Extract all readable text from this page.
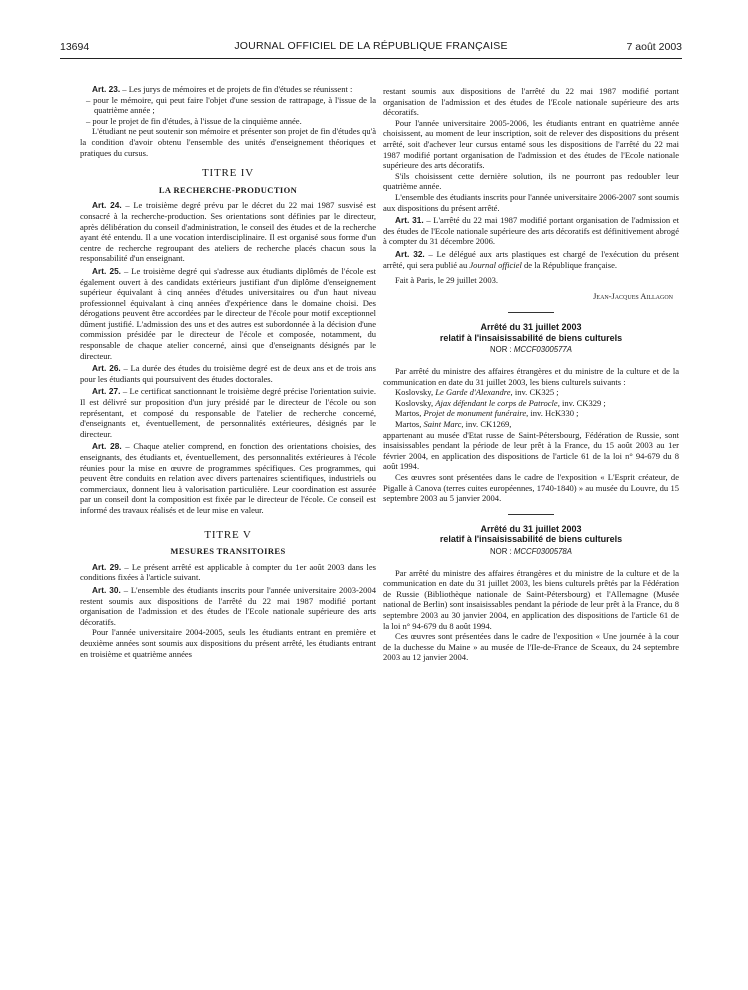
13694	JOURNAL OFFICIEL DE LA RÉPUBLIQUE FRANÇAISE	7 août 2003

Art. 23. – Les jurys de mémoires et de projets de fin d'études se réunissent :

– pour le mémoire, qui peut faire l'objet d'une session de rattrapage, à l'issue de la quatrième année ;

– pour le projet de fin d'études, à l'issue de la cinquième année.

L'étudiant ne peut soutenir son mémoire et présenter son projet de fin d'études qu'à la condition d'avoir obtenu l'ensemble des unités d'enseignement théoriques et pratiques du cursus.

TITRE IV
LA RECHERCHE-PRODUCTION

Art. 24. – Le troisième degré prévu par le décret du 22 mai 1987 susvisé est consacré à la recherche-production. Ses orientations sont définies par le directeur, après délibération du conseil d'administration, le conseil des études et de la recherche ayant été entendu. Il a une vocation interdisciplinaire. Il est organisé sous forme d'un centre de recherche regroupant des ateliers de recherche placés chacun sous la responsabilité d'un enseignant.

Art. 25. – Le troisième degré qui s'adresse aux étudiants diplômés de l'école est également ouvert à des candidats extérieurs justifiant d'un diplôme d'enseignement supérieur équivalant à cinq années d'études universitaires ou d'un haut niveau professionnel équivalant à cinq années d'expérience dans le domaine choisi. Des dérogations peuvent être accordées par le directeur de l'école pour motif exceptionnel dûment justifié. L'admission des uns et des autres est subordonnée à la décision d'une commission présidée par le directeur de l'école et composée, notamment, du responsable de chaque atelier concerné, ainsi que d'enseignants désignés par le directeur.

Art. 26. – La durée des études du troisième degré est de deux ans et de trois ans pour les étudiants qui poursuivent des études doctorales.

Art. 27. – Le certificat sanctionnant le troisième degré précise l'orientation suivie. Il est délivré sur proposition d'un jury présidé par le directeur de l'école ou son représentant, et composé du responsable de l'atelier de recherche concerné, d'enseignants et, éventuellement, de personnalités extérieures, désignés par le directeur.

Art. 28. – Chaque atelier comprend, en fonction des orientations choisies, des enseignants, des étudiants et, éventuellement, des personnalités extérieures à l'école réunies pour la mise en œuvre de programmes spécifiques. Ces programmes, qui peuvent être conduits en relation avec divers partenaires scientifiques, industriels ou commerciaux, donnent lieu à valorisation particulière. Leur coordination est assurée par un conseil dont la composition est fixée par le directeur de l'école. Ce conseil est informé des travaux réalisés et de leur mise en valeur.

TITRE V
MESURES TRANSITOIRES

Art. 29. – Le présent arrêté est applicable à compter du 1er août 2003 dans les conditions fixées à l'article suivant.

Art. 30. – L'ensemble des étudiants inscrits pour l'année universitaire 2003-2004 restent soumis aux dispositions de l'arrêté du 22 mai 1987 modifié portant organisation de l'admission et des études de l'Ecole nationale supérieure des arts décoratifs.

Pour l'année universitaire 2004-2005, seuls les étudiants entrant en première et deuxième années sont soumis aux dispositions du présent arrêté, les étudiants entrant en troisième et quatrième années

restant soumis aux dispositions de l'arrêté du 22 mai 1987 modifié portant organisation de l'admission et des études de l'Ecole nationale supérieure des arts décoratifs.

Pour l'année universitaire 2005-2006, les étudiants entrant en quatrième année choisissent, au moment de leur inscription, soit de relever des dispositions du présent arrêté, soit d'achever leur cursus entamé sous les dispositions de l'arrêté du 22 mai 1987 modifié portant organisation de l'admission et des études de l'Ecole nationale supérieure des arts décoratifs.

S'ils choisissent cette dernière solution, ils ne pourront pas redoubler leur quatrième année.

L'ensemble des étudiants inscrits pour l'année universitaire 2006-2007 sont soumis aux dispositions du présent arrêté.

Art. 31. – L'arrêté du 22 mai 1987 modifié portant organisation de l'admission et des études de l'Ecole nationale supérieure des arts décoratifs est définitivement abrogé à compter du 31 décembre 2006.

Art. 32. – Le délégué aux arts plastiques est chargé de l'exécution du présent arrêté, qui sera publié au Journal officiel de la République française.

Fait à Paris, le 29 juillet 2003.

Jean-Jacques Aillagon
Arrêté du 31 juillet 2003
relatif à l'insaisissabilité de biens culturels
NOR : MCCF0300577A

Par arrêté du ministre des affaires étrangères et du ministre de la culture et de la communication en date du 31 juillet 2003, les biens culturels suivants :

Koslovsky, Le Garde d'Alexandre, inv. CK325 ;

Koslovsky, Ajax défendant le corps de Patrocle, inv. CK329 ;

Martos, Projet de monument funéraire, inv. HcK330 ;

Martos, Saint Marc, inv. CK1269,

appartenant au musée d'Etat russe de Saint-Pétersbourg, Fédération de Russie, sont insaisissables pendant la période de leur prêt à la France, du 15 août 2003 au 1er février 2004, en application des dispositions de l'article 61 de la loi n° 94-679 du 8 août 1994.

Ces œuvres sont présentées dans le cadre de l'exposition « L'Esprit créateur, de Pigalle à Canova (terres cuites européennes, 1740-1840) » au musée du Louvre, du 15 septembre 2003 au 5 janvier 2004.

Arrêté du 31 juillet 2003
relatif à l'insaisissabilité de biens culturels
NOR : MCCF0300578A

Par arrêté du ministre des affaires étrangères et du ministre de la culture et de la communication en date du 31 juillet 2003, les biens culturels prêtés par la Fédération de Russie (Bibliothèque nationale de Saint-Pétersbourg) et l'Allemagne (Musée national de Berlin) sont insaisissables pendant la période de leur prêt à la France, du 8 septembre 2003 au 30 janvier 2004, en application des dispositions de l'article 61 de la loi n° 94-679 du 8 août 1994.

Ces œuvres sont présentées dans le cadre de l'exposition « Une journée à la cour de la duchesse du Maine » au musée de l'Ile-de-France de Sceaux, du 24 septembre 2003 au 12 janvier 2004.
